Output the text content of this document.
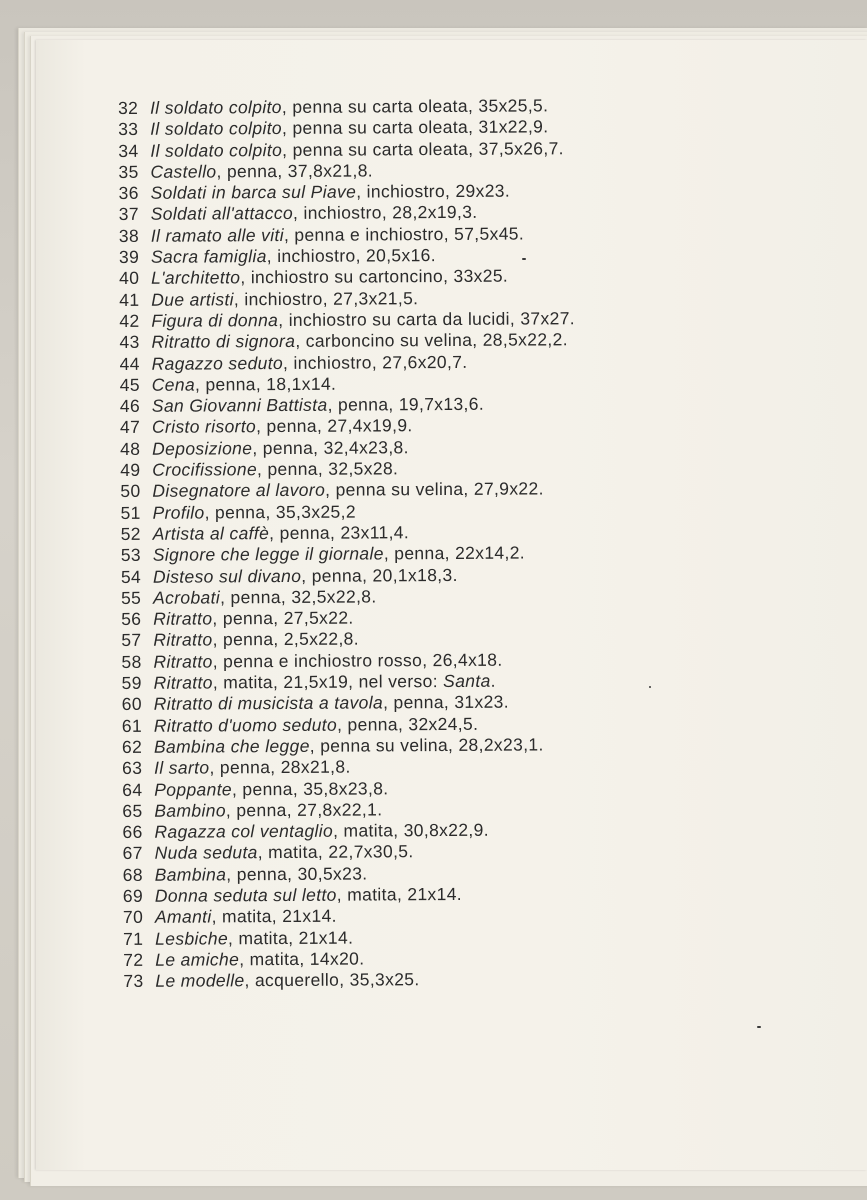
32 Il soldato colpito, penna su carta oleata, 35x25,5.
33 Il soldato colpito, penna su carta oleata, 31x22,9.
34 Il soldato colpito, penna su carta oleata, 37,5x26,7.
35 Castello, penna, 37,8x21,8.
36 Soldati in barca sul Piave, inchiostro, 29x23.
37 Soldati all'attacco, inchiostro, 28,2x19,3.
38 Il ramato alle viti, penna e inchiostro, 57,5x45.
39 Sacra famiglia, inchiostro, 20,5x16.
40 L'architetto, inchiostro su cartoncino, 33x25.
41 Due artisti, inchiostro, 27,3x21,5.
42 Figura di donna, inchiostro su carta da lucidi, 37x27.
43 Ritratto di signora, carboncino su velina, 28,5x22,2.
44 Ragazzo seduto, inchiostro, 27,6x20,7.
45 Cena, penna, 18,1x14.
46 San Giovanni Battista, penna, 19,7x13,6.
47 Cristo risorto, penna, 27,4x19,9.
48 Deposizione, penna, 32,4x23,8.
49 Crocifissione, penna, 32,5x28.
50 Disegnatore al lavoro, penna su velina, 27,9x22.
51 Profilo, penna, 35,3x25,2
52 Artista al caffè, penna, 23x11,4.
53 Signore che legge il giornale, penna, 22x14,2.
54 Disteso sul divano, penna, 20,1x18,3.
55 Acrobati, penna, 32,5x22,8.
56 Ritratto, penna, 27,5x22.
57 Ritratto, penna, 2,5x22,8.
58 Ritratto, penna e inchiostro rosso, 26,4x18.
59 Ritratto, matita, 21,5x19, nel verso: Santa.
60 Ritratto di musicista a tavola, penna, 31x23.
61 Ritratto d'uomo seduto, penna, 32x24,5.
62 Bambina che legge, penna su velina, 28,2x23,1.
63 Il sarto, penna, 28x21,8.
64 Poppante, penna, 35,8x23,8.
65 Bambino, penna, 27,8x22,1.
66 Ragazza col ventaglio, matita, 30,8x22,9.
67 Nuda seduta, matita, 22,7x30,5.
68 Bambina, penna, 30,5x23.
69 Donna seduta sul letto, matita, 21x14.
70 Amanti, matita, 21x14.
71 Lesbiche, matita, 21x14.
72 Le amiche, matita, 14x20.
73 Le modelle, acquerello, 35,3x25.
